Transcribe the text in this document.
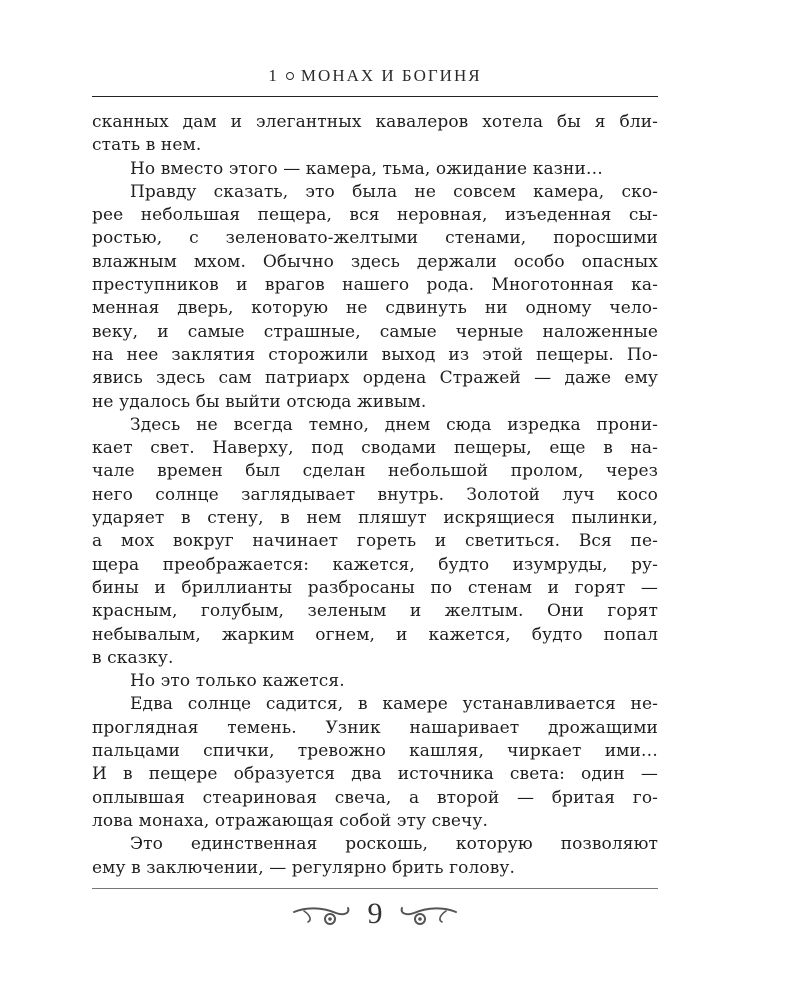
1 МОНАХ И БОГИНЯ
сканных дам и элегантных кавалеров хотела бы я бли-
стать в нем.
Но вместо этого — камера, тьма, ожидание казни…
Правду сказать, это была не совсем камера, ско-
рее небольшая пещера, вся неровная, изъеденная сы-
ростью, с зеленовато-желтыми стенами, поросшими
влажным мхом. Обычно здесь держали особо опасных
преступников и врагов нашего рода. Многотонная ка-
менная дверь, которую не сдвинуть ни одному чело-
веку, и самые страшные, самые черные наложенные
на нее заклятия сторожили выход из этой пещеры. По-
явись здесь сам патриарх ордена Стражей — даже ему
не удалось бы выйти отсюда живым.
Здесь не всегда темно, днем сюда изредка прони-
кает свет. Наверху, под сводами пещеры, еще в на-
чале времен был сделан небольшой пролом, через
него солнце заглядывает внутрь. Золотой луч косо
ударяет в стену, в нем пляшут искрящиеся пылинки,
а мох вокруг начинает гореть и светиться. Вся пе-
щера преображается: кажется, будто изумруды, ру-
бины и бриллианты разбросаны по стенам и горят —
красным, голубым, зеленым и желтым. Они горят
небывалым, жарким огнем, и кажется, будто попал
в сказку.
Но это только кажется.
Едва солнце садится, в камере устанавливается не-
проглядная темень. Узник нашаривает дрожащими
пальцами спички, тревожно кашляя, чиркает ими…
И в пещере образуется два источника света: один —
оплывшая стеариновая свеча, а второй — бритая го-
лова монаха, отражающая собой эту свечу.
Это единственная роскошь, которую позволяют
ему в заключении, — регулярно брить голову.
9
